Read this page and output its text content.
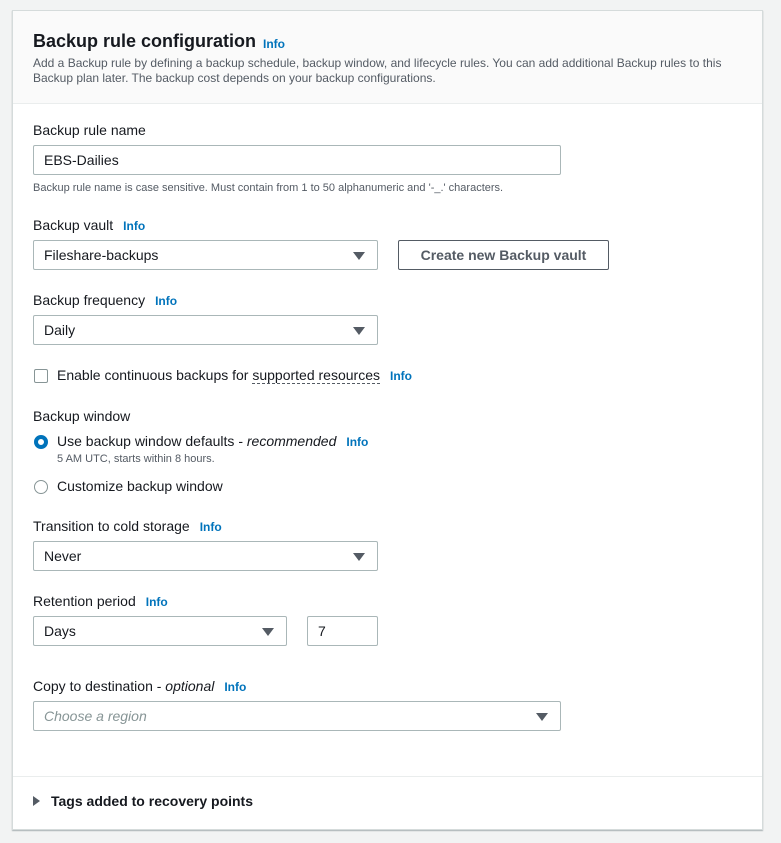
Backup rule configuration Info
Add a Backup rule by defining a backup schedule, backup window, and lifecycle rules. You can add additional Backup rules to this Backup plan later. The backup cost depends on your backup configurations.
Backup rule name
EBS-Dailies
Backup rule name is case sensitive. Must contain from 1 to 50 alphanumeric and '-_.' characters.
Backup vault Info
Fileshare-backups	Create new Backup vault
Backup frequency Info
Daily
Enable continuous backups for supported resources Info
Backup window
Use backup window defaults - recommended Info
5 AM UTC, starts within 8 hours.
Customize backup window
Transition to cold storage Info
Never
Retention period Info
Days	7
Copy to destination - optional Info
Choose a region
Tags added to recovery points
